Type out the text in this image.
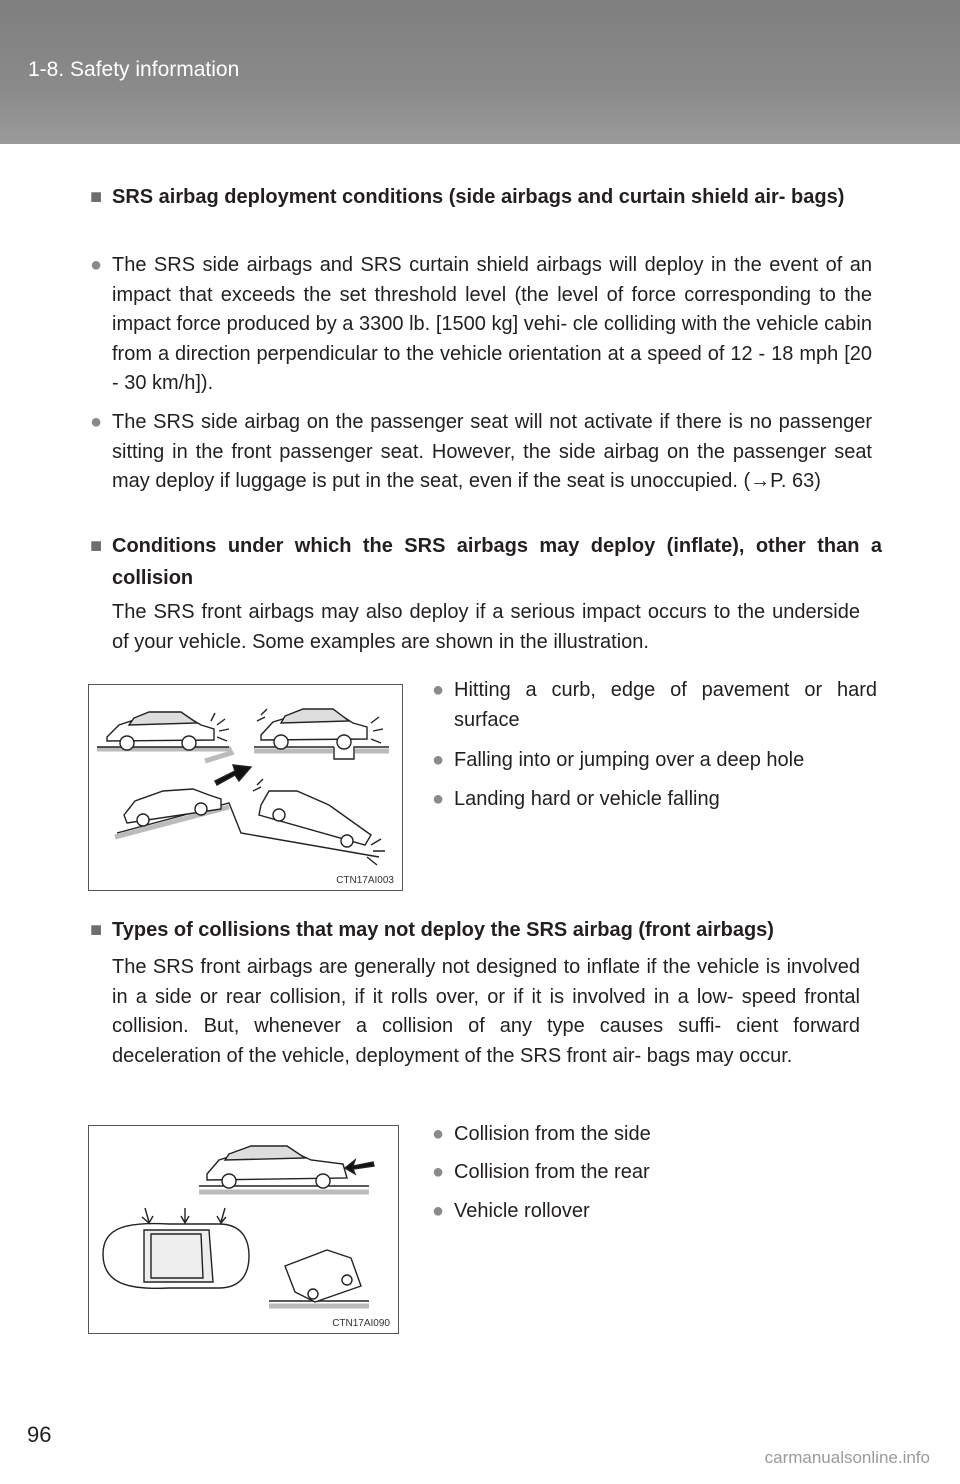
1-8. Safety information
■ SRS airbag deployment conditions (side airbags and curtain shield air- bags)
● The SRS side airbags and SRS curtain shield airbags will deploy in the event of an impact that exceeds the set threshold level (the level of force corresponding to the impact force produced by a 3300 lb. [1500 kg] vehi- cle colliding with the vehicle cabin from a direction perpendicular to the vehicle orientation at a speed of 12 - 18 mph [20 - 30 km/h]).
● The SRS side airbag on the passenger seat will not activate if there is no passenger sitting in the front passenger seat. However, the side airbag on the passenger seat may deploy if luggage is put in the seat, even if the seat is unoccupied. (→P. 63)
■ Conditions under which the SRS airbags may deploy (inflate), other than a collision
The SRS front airbags may also deploy if a serious impact occurs to the underside of your vehicle. Some examples are shown in the illustration.
CTN17AI003
● Hitting a curb, edge of pavement or hard surface
● Falling into or jumping over a deep hole
● Landing hard or vehicle falling
■ Types of collisions that may not deploy the SRS airbag (front airbags)
The SRS front airbags are generally not designed to inflate if the vehicle is involved in a side or rear collision, if it rolls over, or if it is involved in a low- speed frontal collision. But, whenever a collision of any type causes suffi- cient forward deceleration of the vehicle, deployment of the SRS front air- bags may occur.
CTN17AI090
● Collision from the side
● Collision from the rear
● Vehicle rollover
96
carmanualsonline.info
